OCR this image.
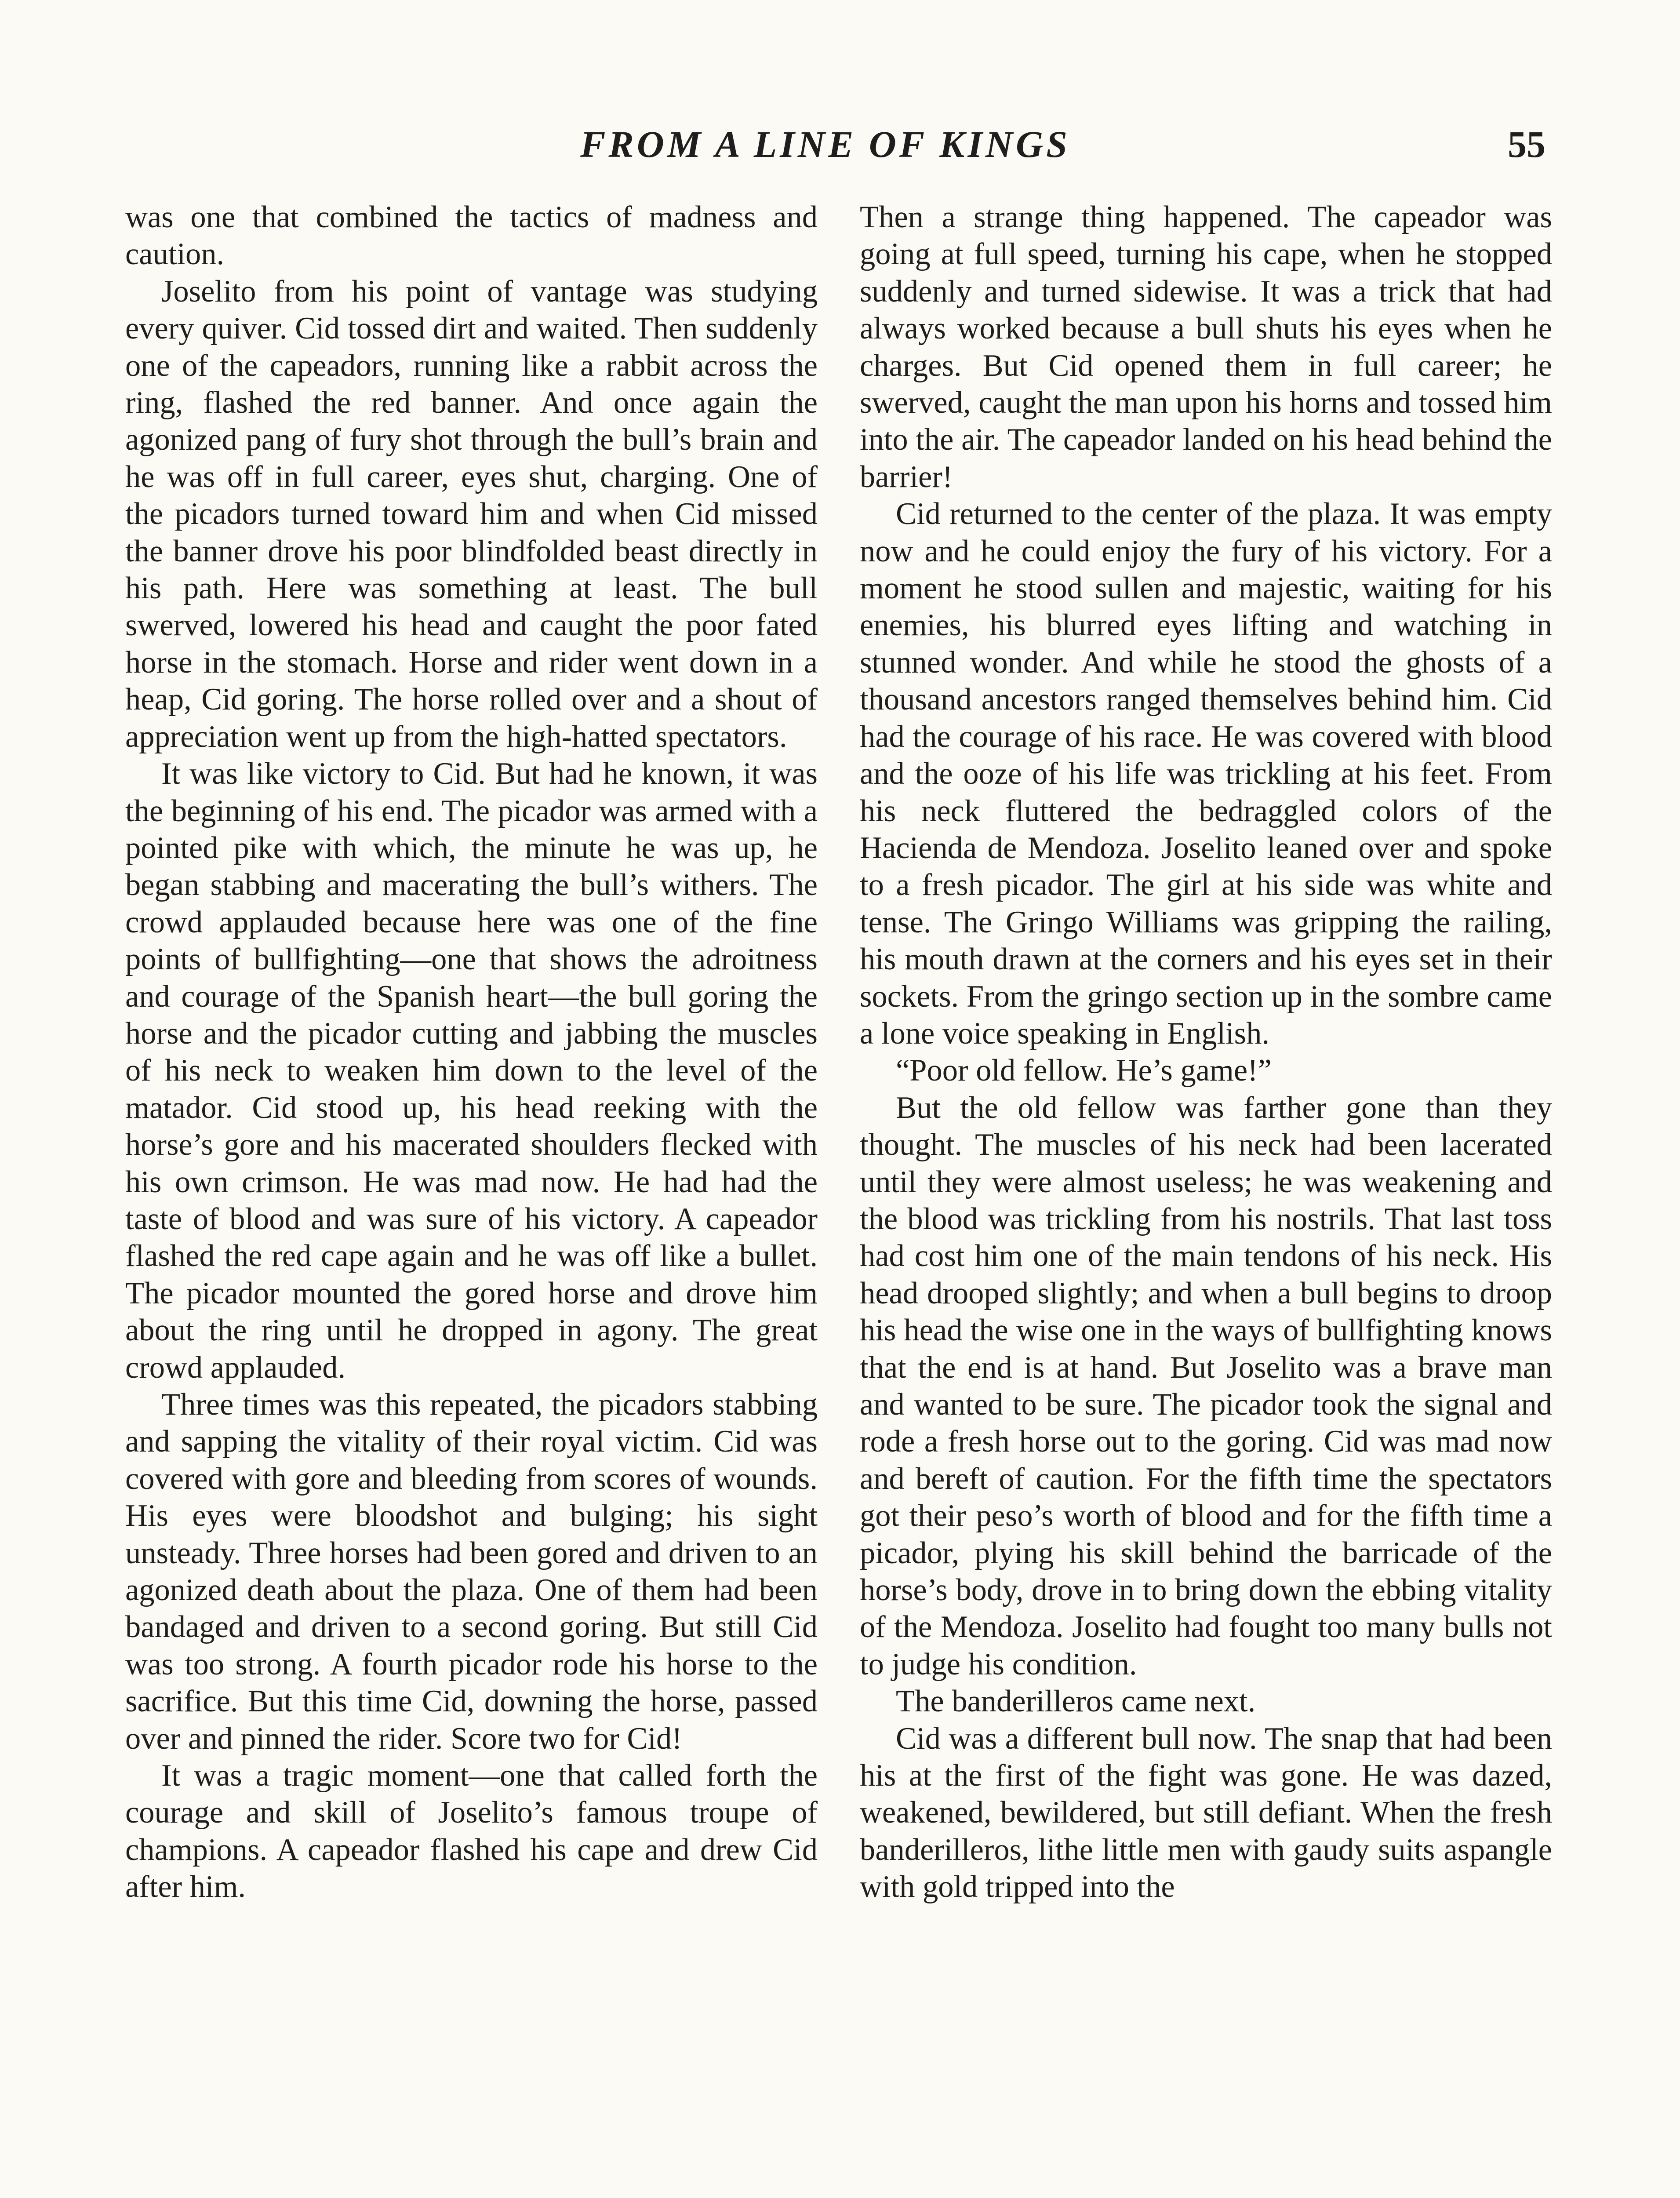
FROM A LINE OF KINGS	55

was one that combined the tactics of madness and caution.

Joselito from his point of vantage was studying every quiver. Cid tossed dirt and waited. Then suddenly one of the capeadors, running like a rabbit across the ring, flashed the red banner. And once again the agonized pang of fury shot through the bull’s brain and he was off in full career, eyes shut, charging. One of the picadors turned toward him and when Cid missed the banner drove his poor blindfolded beast directly in his path. Here was something at least. The bull swerved, lowered his head and caught the poor fated horse in the stomach. Horse and rider went down in a heap, Cid goring. The horse rolled over and a shout of appreciation went up from the high-hatted spectators.

It was like victory to Cid. But had he known, it was the beginning of his end. The picador was armed with a pointed pike with which, the minute he was up, he began stabbing and macerating the bull’s withers. The crowd applauded because here was one of the fine points of bullfighting—one that shows the adroitness and courage of the Spanish heart—the bull goring the horse and the picador cutting and jabbing the muscles of his neck to weaken him down to the level of the matador. Cid stood up, his head reeking with the horse’s gore and his macerated shoulders flecked with his own crimson. He was mad now. He had had the taste of blood and was sure of his victory. A capeador flashed the red cape again and he was off like a bullet. The picador mounted the gored horse and drove him about the ring until he dropped in agony. The great crowd applauded.

Three times was this repeated, the picadors stabbing and sapping the vitality of their royal victim. Cid was covered with gore and bleeding from scores of wounds. His eyes were bloodshot and bulging; his sight unsteady. Three horses had been gored and driven to an agonized death about the plaza. One of them had been bandaged and driven to a second goring. But still Cid was too strong. A fourth picador rode his horse to the sacrifice. But this time Cid, downing the horse, passed over and pinned the rider. Score two for Cid!

It was a tragic moment—one that called forth the courage and skill of Joselito’s famous troupe of champions. A capeador flashed his cape and drew Cid after him.

Then a strange thing happened. The capeador was going at full speed, turning his cape, when he stopped suddenly and turned sidewise. It was a trick that had always worked because a bull shuts his eyes when he charges. But Cid opened them in full career; he swerved, caught the man upon his horns and tossed him into the air. The capeador landed on his head behind the barrier!

Cid returned to the center of the plaza. It was empty now and he could enjoy the fury of his victory. For a moment he stood sullen and majestic, waiting for his enemies, his blurred eyes lifting and watching in stunned wonder. And while he stood the ghosts of a thousand ancestors ranged themselves behind him. Cid had the courage of his race. He was covered with blood and the ooze of his life was trickling at his feet. From his neck fluttered the bedraggled colors of the Hacienda de Mendoza. Joselito leaned over and spoke to a fresh picador. The girl at his side was white and tense. The Gringo Williams was gripping the railing, his mouth drawn at the corners and his eyes set in their sockets. From the gringo section up in the sombre came a lone voice speaking in English.

“Poor old fellow. He’s game!”

But the old fellow was farther gone than they thought. The muscles of his neck had been lacerated until they were almost useless; he was weakening and the blood was trickling from his nostrils. That last toss had cost him one of the main tendons of his neck. His head drooped slightly; and when a bull begins to droop his head the wise one in the ways of bullfighting knows that the end is at hand. But Joselito was a brave man and wanted to be sure. The picador took the signal and rode a fresh horse out to the goring. Cid was mad now and bereft of caution. For the fifth time the spectators got their peso’s worth of blood and for the fifth time a picador, plying his skill behind the barricade of the horse’s body, drove in to bring down the ebbing vitality of the Mendoza. Joselito had fought too many bulls not to judge his condition.

The banderilleros came next.

Cid was a different bull now. The snap that had been his at the first of the fight was gone. He was dazed, weakened, bewildered, but still defiant. When the fresh banderilleros, lithe little men with gaudy suits aspangle with gold tripped into the
